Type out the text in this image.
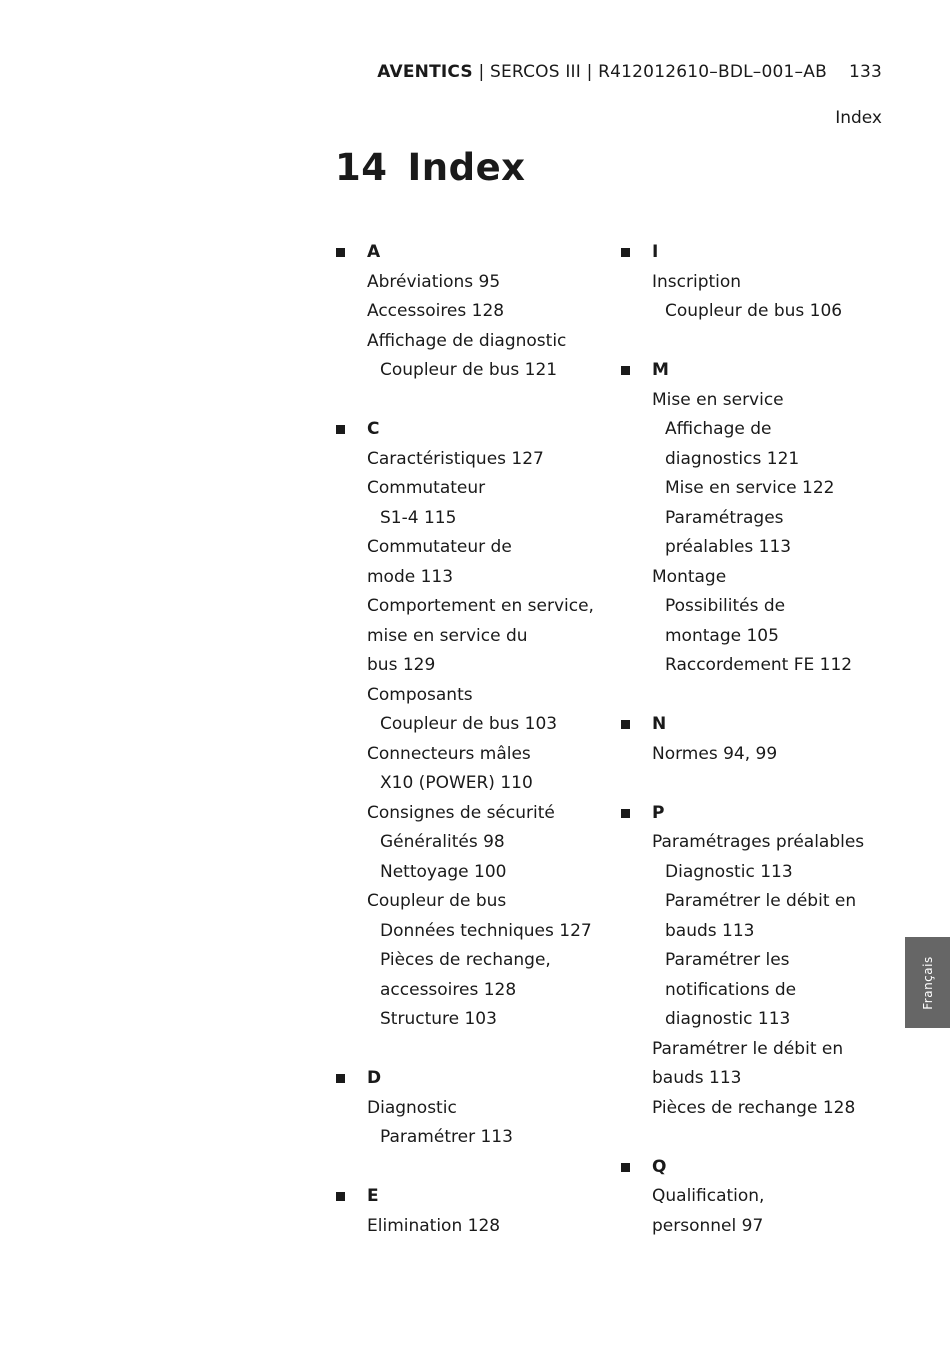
AVENTICS | SERCOS III | R412012610–BDL–001–AB 133
Index
14 Index
A
Abréviations 95
Accessoires 128
Affichage de diagnostic
Coupleur de bus 121
C
Caractéristiques 127
Commutateur
S1-4 115
Commutateur de
mode 113
Comportement en service,
mise en service du
bus 129
Composants
Coupleur de bus 103
Connecteurs mâles
X10 (POWER) 110
Consignes de sécurité
Généralités 98
Nettoyage 100
Coupleur de bus
Données techniques 127
Pièces de rechange,
accessoires 128
Structure 103
D
Diagnostic
Paramétrer 113
E
Elimination 128
I
Inscription
Coupleur de bus 106
M
Mise en service
Affichage de
diagnostics 121
Mise en service 122
Paramétrages
préalables 113
Montage
Possibilités de
montage 105
Raccordement FE 112
N
Normes 94, 99
P
Paramétrages préalables
Diagnostic 113
Paramétrer le débit en
bauds 113
Paramétrer les
notifications de
diagnostic 113
Paramétrer le débit en
bauds 113
Pièces de rechange 128
Q
Qualification,
personnel 97
Français
